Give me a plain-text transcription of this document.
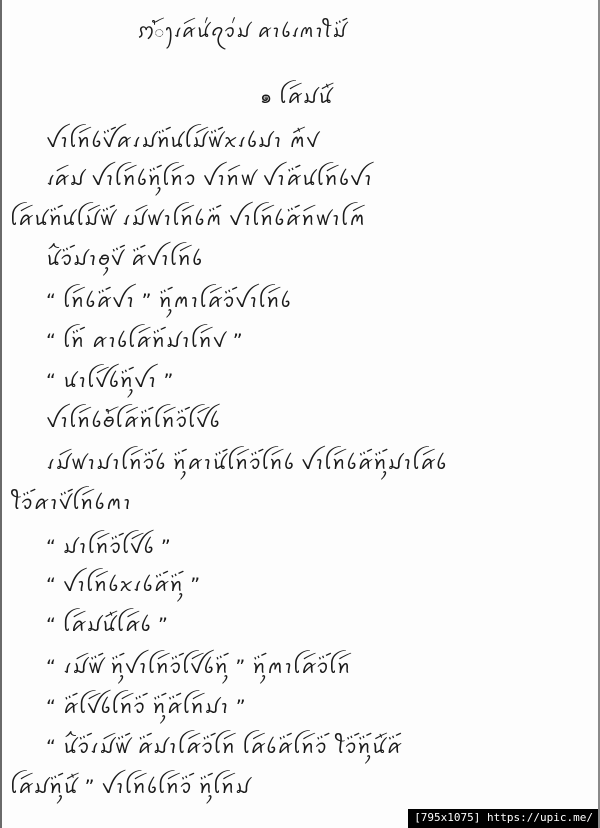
ꩀꪳꫂꪹꪁꪷꪙ꪿ꪖꪫ꪿ꪣ ꪁꪱꪉꪹꪔꪱꪻꪣꪾ
๑ ꪶꪁꪷꪣꪙꪸ
ꪜꪱꪶꪀꪷꪉꪜꪾꪁꪹꪣꪀꪾꪙꪶꪣꪷꪝꪾꪎꪹꪉꪣꪱ ꪔꪸꪚ
ꪹꪁꪷꪣ ꪜꪱꪶꪀꪷꪉꪀꪴꪾꪶꪀꪷꪫ ꪜꪱꪀꪷꪝ ꪜꪱꪁꪾꪙꪶꪀꪷꪉꪜꪱ
ꪶꪁꪷꪙꪀꪾꪙꪶꪣꪷꪝꪾ ꪹꪣꪷꪝꪱꪶꪀꪷꪉꪔꪾ ꪜꪱꪶꪀꪷꪉꪁꪾꪀꪷꪝꪱꪶꪔꪷ
ꪙꪲꪫꪾꪣꪱꪮꪴꪚꪾ ꪁꪾꪜꪱꪶꪀꪷꪉ
“ ꪶꪀꪷꪉꪁꪾꪜꪱ ” ꪀꪴꪾꪔꪱꪶꪁꪷꪫꪾꪜꪱꪶꪀꪷꪉ
“ ꪶꪀꪾ ꪁꪱꪉꪶꪁꪷꪀꪾꪣꪱꪶꪀꪷꪚ ”
“ ꪙꪱꪶꪜꪷꪉꪀꪴꪾꪜꪱ ”
ꪜꪱꪶꪀꪷꪉꪮꪳꪶꪁꪷꪀꪾꪶꪀꪷꪫꪾꪶꪜꪷꪉ
ꪹꪣꪷꪝꪱꪣꪱꪶꪀꪷꪫꪾꪉ ꪀꪴꪾꪁꪱꪙꪾꪶꪀꪷꪫꪾꪶꪀꪷꪉ ꪜꪱꪶꪀꪷꪉꪁꪾꪀꪴꪾꪣꪱꪶꪁꪷꪉ
ꪻꪫꪾꪁꪱꪚꪾꪶꪀꪷꪉꪔꪱ
“ ꪣꪱꪶꪀꪷꪫꪾꪶꪜꪷꪉ ”
“ ꪜꪱꪶꪀꪷꪉꪎꪹꪉꪁꪾꪀꪴꪾ ”
“ ꪶꪁꪷꪣꪙꪸꪶꪁꪷꪉ ”
“ ꪹꪣꪷꪝꪾ ꪀꪴꪾꪜꪱꪶꪀꪷꪫꪾꪶꪜꪷꪉꪀꪴꪾ ” ꪀꪴꪾꪔꪱꪶꪁꪷꪫꪾꪶꪀꪷ
“ ꪁꪾꪶꪜꪷꪉꪶꪀꪷꪫꪾ ꪀꪴꪾꪁꪾꪶꪀꪷꪣꪱ ”
“ ꪙꪲꪫꪾꪹꪣꪷꪝꪾ ꪁꪾꪣꪱꪶꪁꪷꪫꪾꪶꪀꪷ ꪶꪁꪷꪉꪁꪾꪶꪀꪷꪫꪾ ꪻꪫꪾꪀꪴꪾꪙꪸꪁꪾ
ꪶꪁꪷꪣꪀꪴꪾꪙꪸ ” ꪜꪱꪶꪀꪷꪉꪶꪀꪷꪫꪾ ꪀꪴꪾꪶꪀꪷꪣ
[795x1075] https://upic.me/
